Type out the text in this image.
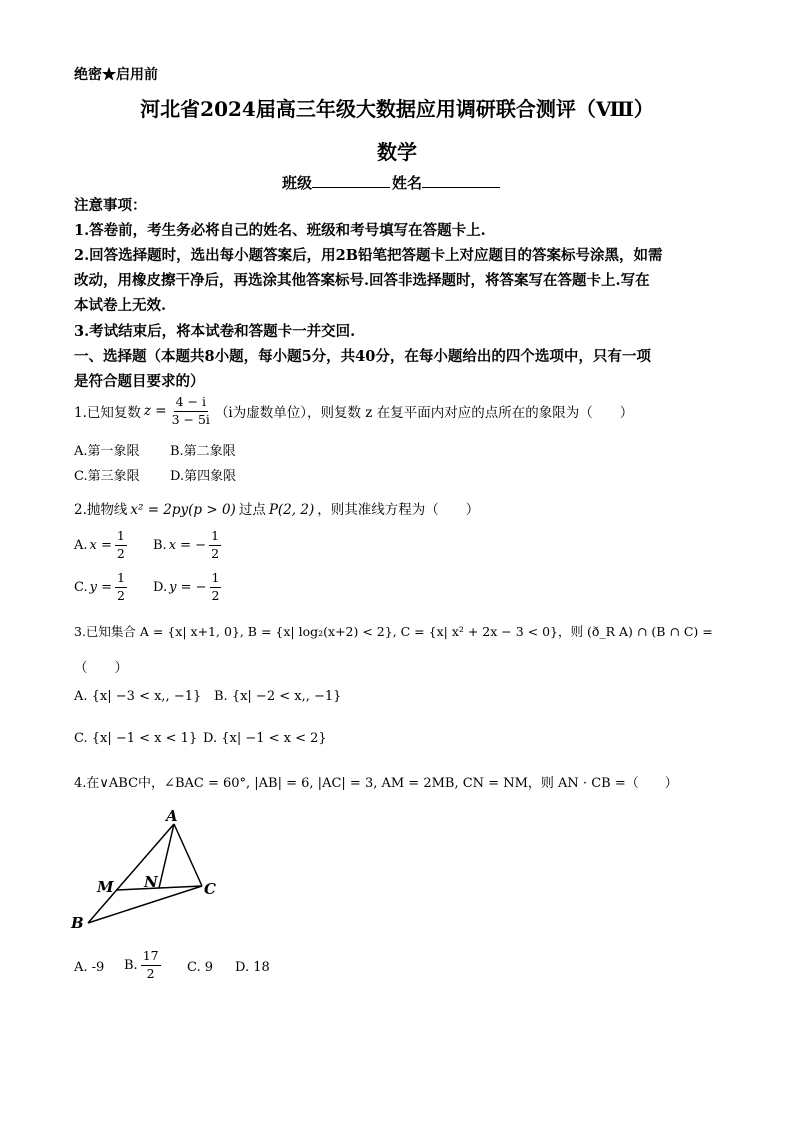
绝密★启用前
河北省2024届高三年级大数据应用调研联合测评（Ⅷ）
数学
班级	姓名
注意事项：
1.答卷前，考生务必将自己的姓名、班级和考号填写在答题卡上.
2.回答选择题时，选出每小题答案后，用2B铅笔把答题卡上对应题目的答案标号涂黑，如需
改动，用橡皮擦干净后，再选涂其他答案标号.回答非选择题时，将答案写在答题卡上.写在
本试卷上无效.
3.考试结束后，将本试卷和答题卡一并交回.
一、选择题（本题共8小题，每小题5分，共40分，在每小题给出的四个选项中，只有一项
是符合题目要求的）
1.已知复数 $z = \frac{4 - i}{3 - 5i} (i$为虚数单位），则复数 z 在复平面内对应的点所在的象限为（　　）
A.第一象限 B.第二象限
C.第三象限 D.第四象限
2.抛物线 x² = 2py(p > 0) 过点 P(2, 2) ，则其准线方程为（　　）
A. $x = \frac{1}{2} B$. x = − $\frac{1}{2}$
C. $y = \frac{1}{2} D$. y = − $\frac{1}{2}$
3.已知集合 A = {x| x+1, 0}, B = {x| log₂(x+2) < 2}, C = {x| x² + 2x − 3 < 0}，则 (ð_R A) ∩ (B ∩ C) =
（　　）
A. {x| −3 < x,, −1} B. {x| −2 < x,, −1}
C. {x| −1 < x < 1} D. {x| −1 < x < 2}
4.在∨ABC中，∠BAC = 60°, |AB| = 6, |AC| = 3, AM = 2MB, CN = NM，则 AN · CB =（　　）
A
B
C
M N
A. -9 B. $\frac{17}{2} C$. 9 D. 18
